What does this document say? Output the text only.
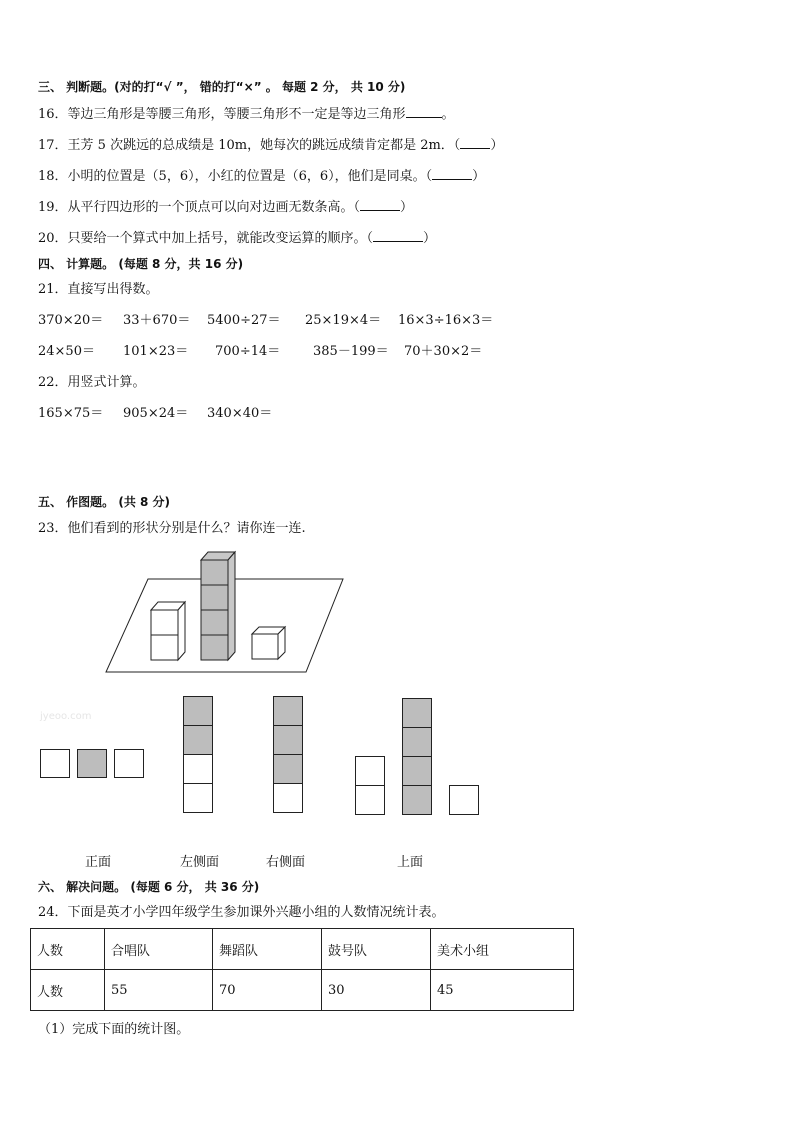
三、 判断题。(对的打“√ ”， 错的打“×” 。 每题 2 分， 共 10 分)
16．等边三角形是等腰三角形，等腰三角形不一定是等边三角形	。
17．王芳 5 次跳远的总成绩是 10m，她每次的跳远成绩肯定都是 2m．（ ）
18．小明的位置是（5，6），小红的位置是（6，6），他们是同桌。（	）
19．从平行四边形的一个顶点可以向对边画无数条高。（	）
20．只要给一个算式中加上括号，就能改变运算的顺序。（	）
四、 计算题。 (每题 8 分，共 16 分)
21．直接写出得数。
370×20＝ 33＋670＝ 5400÷27＝ 25×19×4＝ 16×3÷16×3＝
24×50＝ 101×23＝ 700÷14＝	385－199＝ 70＋30×2＝
22．用竖式计算。
165×75＝ 905×24＝ 340×40＝
五、 作图题。 (共 8 分)
23．他们看到的形状分别是什么？请你连一连.
jyeoo.com
正面	左侧面	右侧面	上面
六、 解决问题。 (每题 6 分， 共 36 分)
24．下面是英才小学四年级学生参加课外兴趣小组的人数情况统计表。
人数	合唱队	舞蹈队	鼓号队	美术小组
人数	55	70	30	45
（1）完成下面的统计图。
